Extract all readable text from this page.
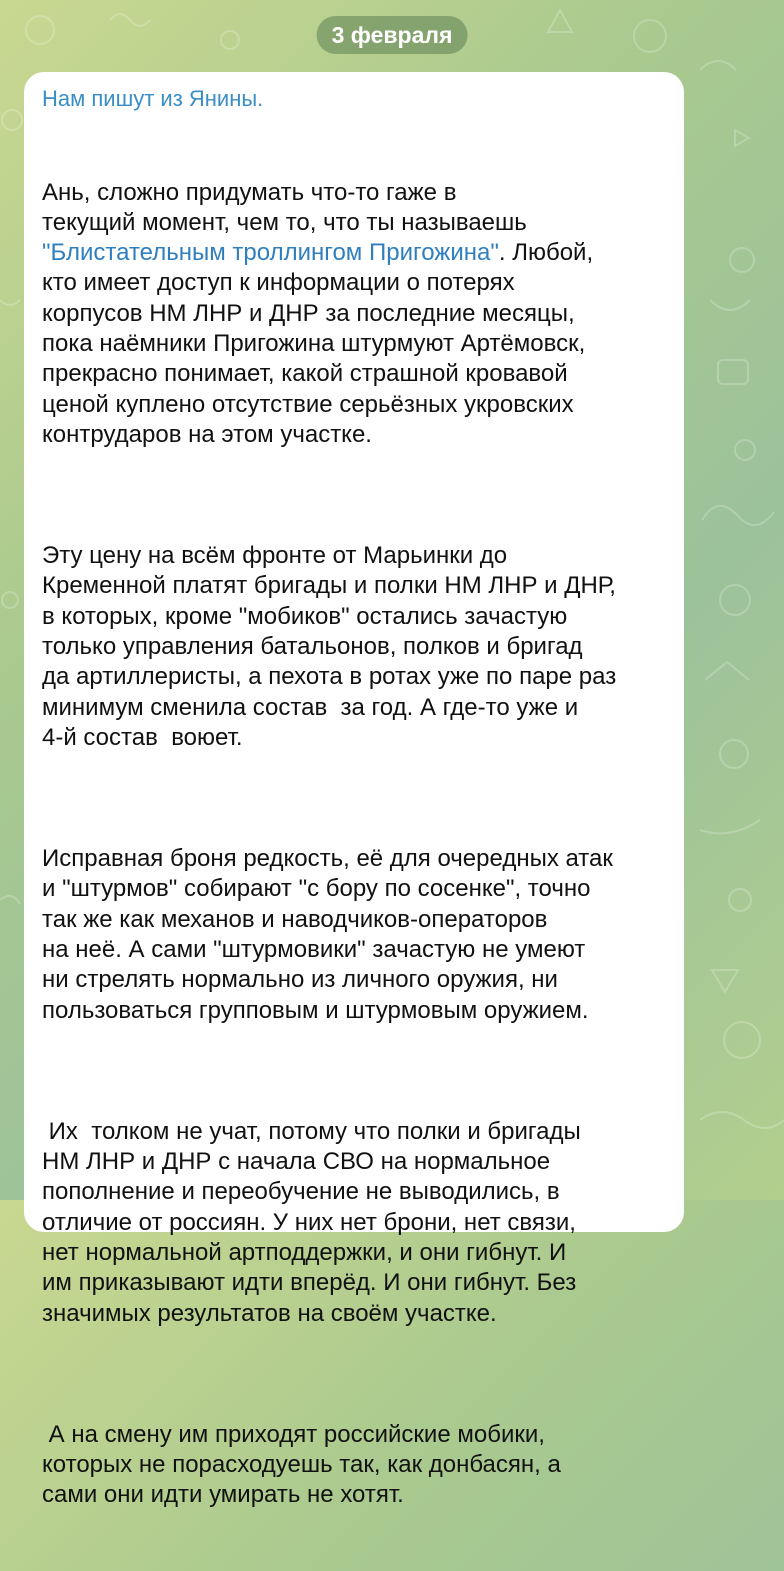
3 февраля
Нам пишут из Янины.

Ань, сложно придумать что-то гаже в
текущий момент, чем то, что ты называешь
"Блистательным троллингом Пригожина". Любой,
кто имеет доступ к информации о потерях
корпусов НМ ЛНР и ДНР за последние месяцы,
пока наёмники Пригожина штурмуют Артёмовск,
прекрасно понимает, какой страшной кровавой
ценой куплено отсутствие серьёзных укровских
контрударов на этом участке.

Эту цену на всём фронте от Марьинки до
Кременной платят бригады и полки НМ ЛНР и ДНР,
в которых, кроме "мобиков" остались зачастую
только управления батальонов, полков и бригад
да артиллеристы, а пехота в ротах уже по паре раз
минимум сменила состав  за год. А где-то уже и
4-й состав  воюет.

Исправная броня редкость, её для очередных атак
и "штурмов" собирают "с бору по сосенке", точно
так же как механов и наводчиков-операторов
на неё. А сами "штурмовики" зачастую не умеют
ни стрелять нормально из личного оружия, ни
пользоваться групповым и штурмовым оружием.

Их  толком не учат, потому что полки и бригады
НМ ЛНР и ДНР с начала СВО на нормальное
пополнение и переобучение не выводились, в
отличие от россиян. У них нет брони, нет связи,
нет нормальной артподдержки, и они гибнут. И
им приказывают идти вперёд. И они гибнут. Без
значимых результатов на своём участке.

А на смену им приходят российские мобики,
которых не порасходуешь так, как донбасян, а
сами они идти умирать не хотят.
